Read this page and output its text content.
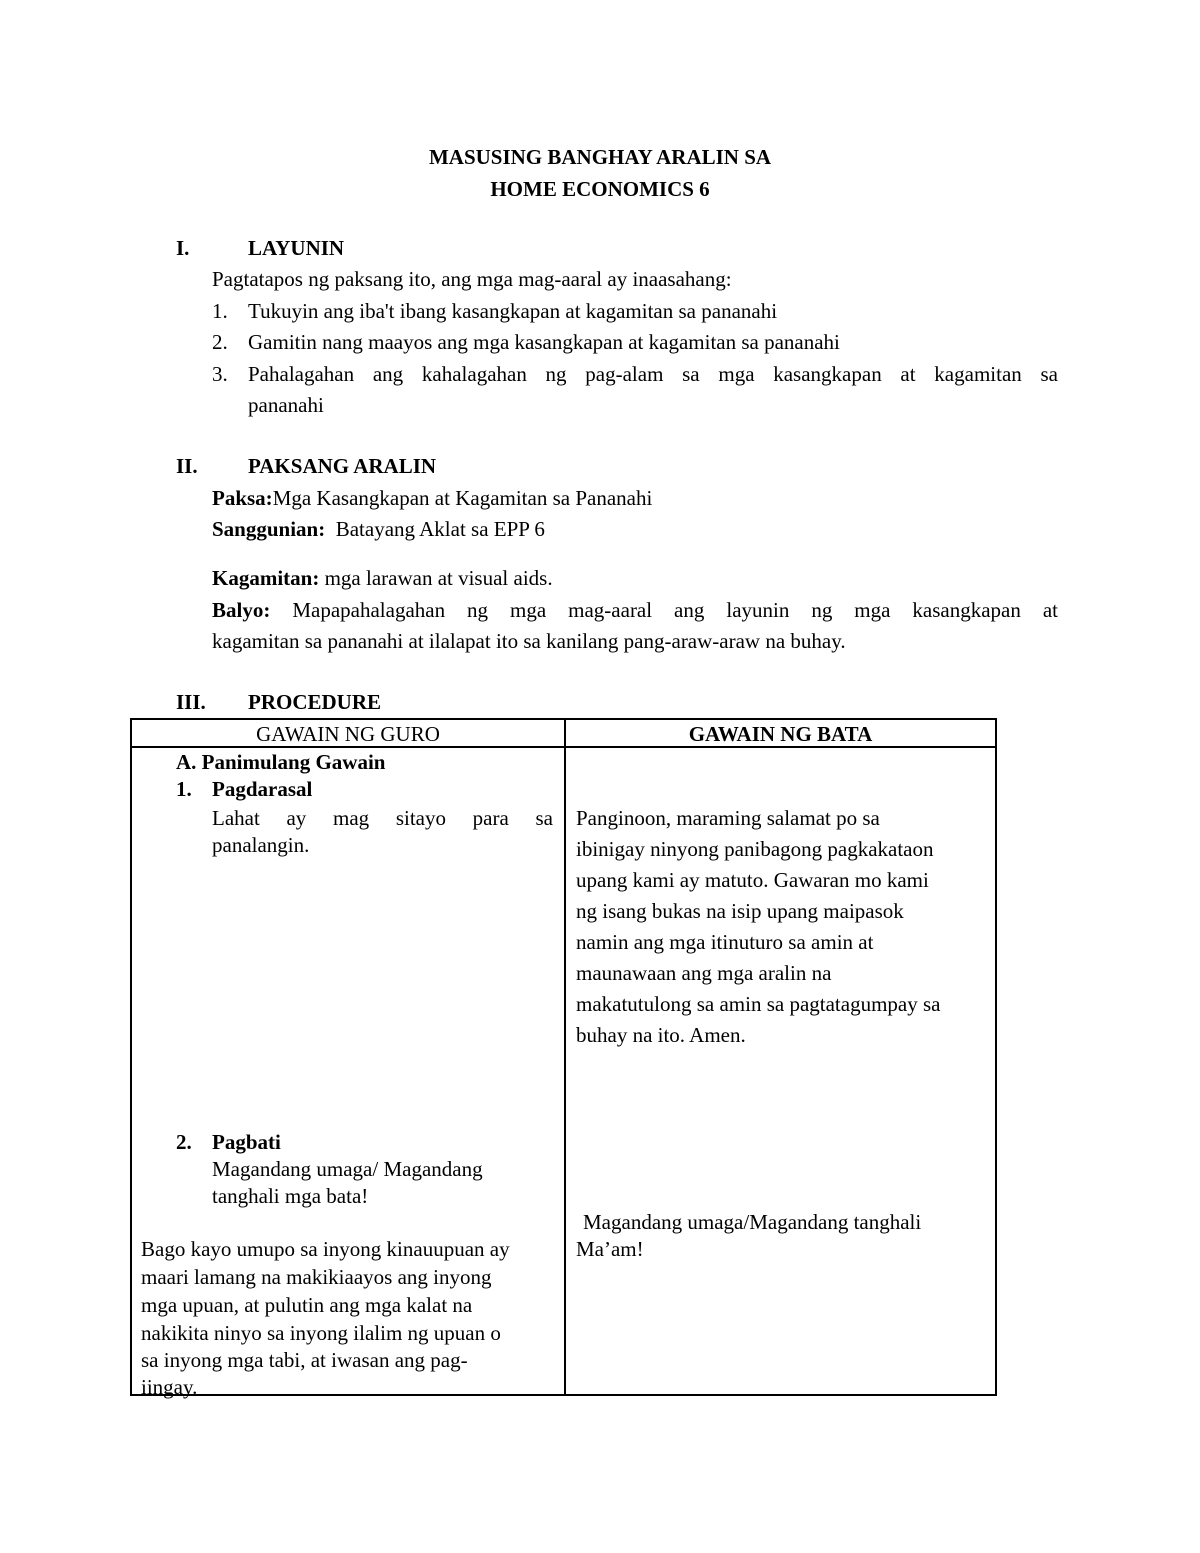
MASUSING BANGHAY ARALIN SA
HOME ECONOMICS 6
I.	LAYUNIN
Pagtatapos ng paksang ito, ang mga mag-aaral ay inaasahang:
1. Tukuyin ang iba't ibang kasangkapan at kagamitan sa pananahi
2. Gamitin nang maayos ang mga kasangkapan at kagamitan sa pananahi
3. Pahalagahan ang kahalagahan ng pag-alam sa mga kasangkapan at kagamitan sa
pananahi
II. PAKSANG ARALIN
Paksa:Mga Kasangkapan at Kagamitan sa Pananahi
Sanggunian: Batayang Aklat sa EPP 6
Kagamitan: mga larawan at visual aids.
Balyo: Mapapahalagahan ng mga mag-aaral ang layunin ng mga kasangkapan at
kagamitan sa pananahi at ilalapat ito sa kanilang pang-araw-araw na buhay.
III. PROCEDURE
GAWAIN NG GURO	GAWAIN NG BATA
A. Panimulang Gawain
1. Pagdarasal
Lahat ay mag sitayo para sa
panalangin.
2. Pagbati
Magandang umaga/ Magandang
tanghali mga bata!
Bago kayo umupo sa inyong kinauupuan ay
maari lamang na makikiaayos ang inyong
mga upuan, at pulutin ang mga kalat na
nakikita ninyo sa inyong ilalim ng upuan o
sa inyong mga tabi, at iwasan ang pag-
iingay.
Panginoon, maraming salamat po sa
ibinigay ninyong panibagong pagkakataon
upang kami ay matuto. Gawaran mo kami
ng isang bukas na isip upang maipasok
namin ang mga itinuturo sa amin at
maunawaan ang mga aralin na
makatutulong sa amin sa pagtatagumpay sa
buhay na ito. Amen.
Magandang umaga/Magandang tanghali
Ma’am!
